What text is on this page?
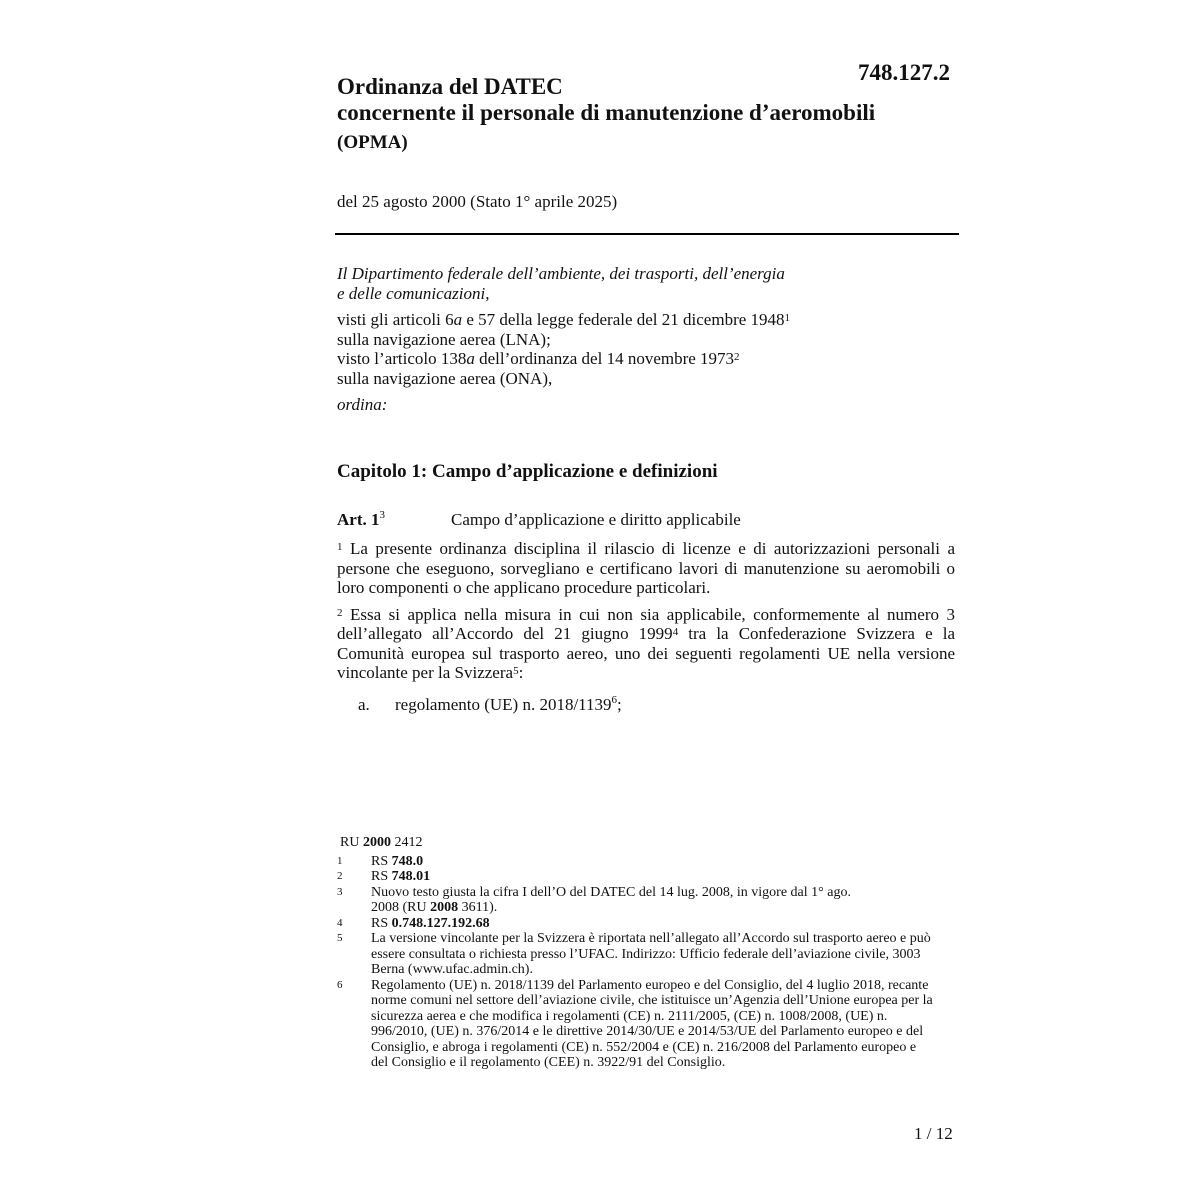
748.127.2
Ordinanza del DATEC
concernente il personale di manutenzione d’aeromobili
(OPMA)
del 25 agosto 2000 (Stato 1° aprile 2025)

Il Dipartimento federale dell’ambiente, dei trasporti, dell’energia

e delle comunicazioni,

visti gli articoli 6a e 57 della legge federale del 21 dicembre 1948$^1$

sulla navigazione aerea (LNA);

visto l’articolo 138a dell’ordinanza del 14 novembre 1973$^2$

sulla navigazione aerea (ONA),

ordina:

Capitolo 1: Campo d’applicazione e definizioni
Art. $1^3$	Campo d’applicazione e diritto applicabile

$^1$ La presente ordinanza disciplina il rilascio di licenze e di autorizzazioni personali a persone che eseguono, sorvegliano e certificano lavori di manutenzione su aeromobili o loro componenti o che applicano procedure particolari.

$^2$ Essa si applica nella misura in cui non sia applicabile, conformemente al numero 3 dell’allegato all’Accordo del 21 giugno 1999$^4$ tra la Confederazione Svizzera e la Comunità europea sul trasporto aereo, uno dei seguenti regolamenti UE nella versione vincolante per la Svizzera$^5$:

a. regolamento (UE) n. 2018/1139$^6$;
RU 2000 2412
1	RS 748.0
2	RS 748.01
3	Nuovo testo giusta la cifra I dell’O del DATEC del 14 lug. 2008, in vigore dal 1° ago. 2008 (RU 2008 3611).
4	RS 0.748.127.192.68
5	La versione vincolante per la Svizzera è riportata nell’allegato all’Accordo sul trasporto aereo e può essere consultata o richiesta presso l’UFAC. Indirizzo: Ufficio federale dell’aviazione civile, 3003 Berna (www.ufac.admin.ch).
6	Regolamento (UE) n. 2018/1139 del Parlamento europeo e del Consiglio, del 4 luglio 2018, recante norme comuni nel settore dell’aviazione civile, che istituisce un’Agenzia dell’Unione europea per la sicurezza aerea e che modifica i regolamenti (CE) n. 2111/2005, (CE) n. 1008/2008, (UE) n. 996/2010, (UE) n. 376/2014 e le direttive 2014/30/UE e 2014/53/UE del Parlamento europeo e del Consiglio, e abroga i regolamenti (CE) n. 552/2004 e (CE) n. 216/2008 del Parlamento europeo e del Consiglio e il regolamento (CEE) n. 3922/91 del Consiglio.
1 / 12
